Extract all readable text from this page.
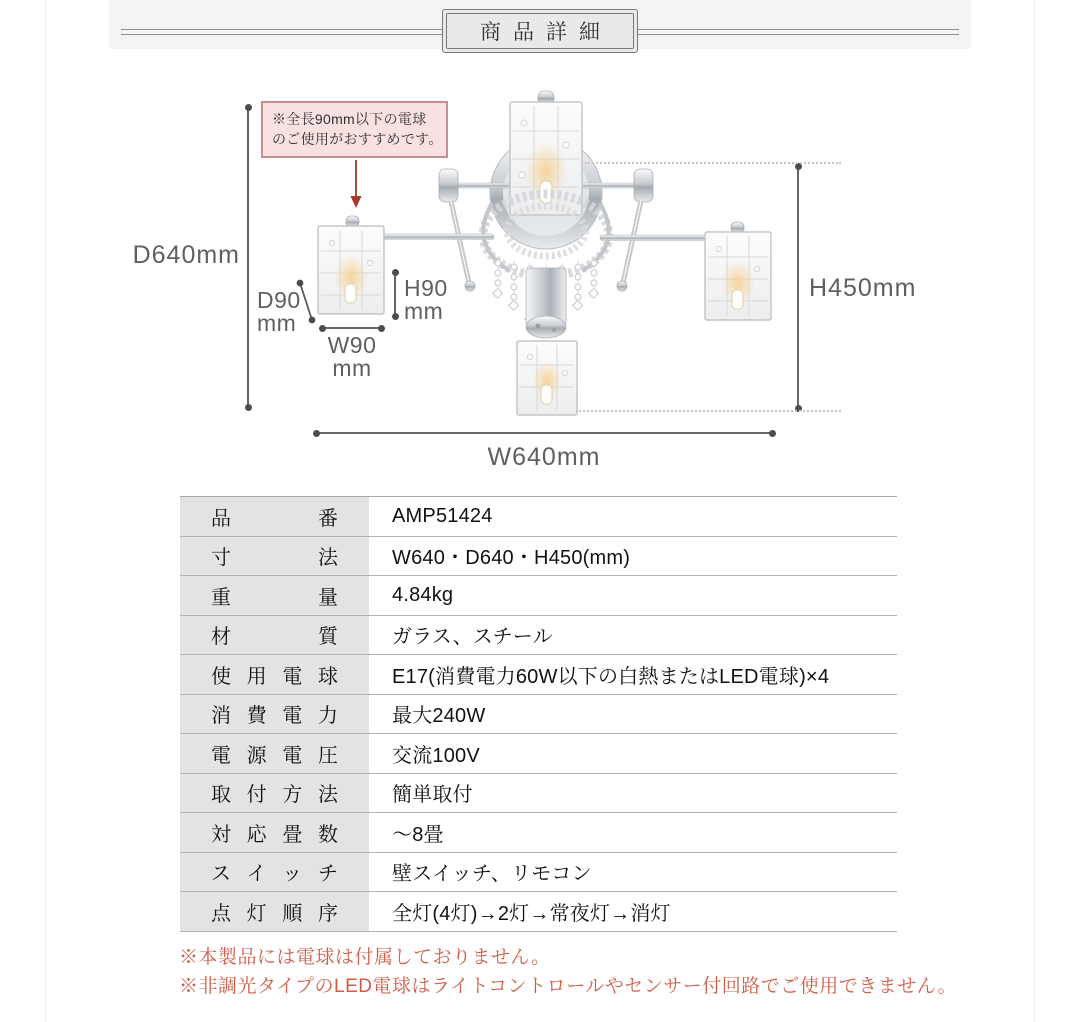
商品詳細
※全長90mm以下の電球
のご使用がおすすめです。
D640mm
H450mm
W640mm
D90
mm
H90
mm
W90
mm
品番	AMP51424
寸法	W640・D640・H450(mm)
重量	4.84kg
材質	ガラス、スチール
使用電球	E17(消費電力60W以下の白熱またはLED電球)×4
消費電力	最大240W
電源電圧	交流100V
取付方法	簡単取付
対応畳数	～8畳
スイッチ	壁スイッチ、リモコン
点灯順序	全灯(4灯)→2灯→常夜灯→消灯
※本製品には電球は付属しておりません。
※非調光タイプのLED電球はライトコントロールやセンサー付回路でご使用できません。
